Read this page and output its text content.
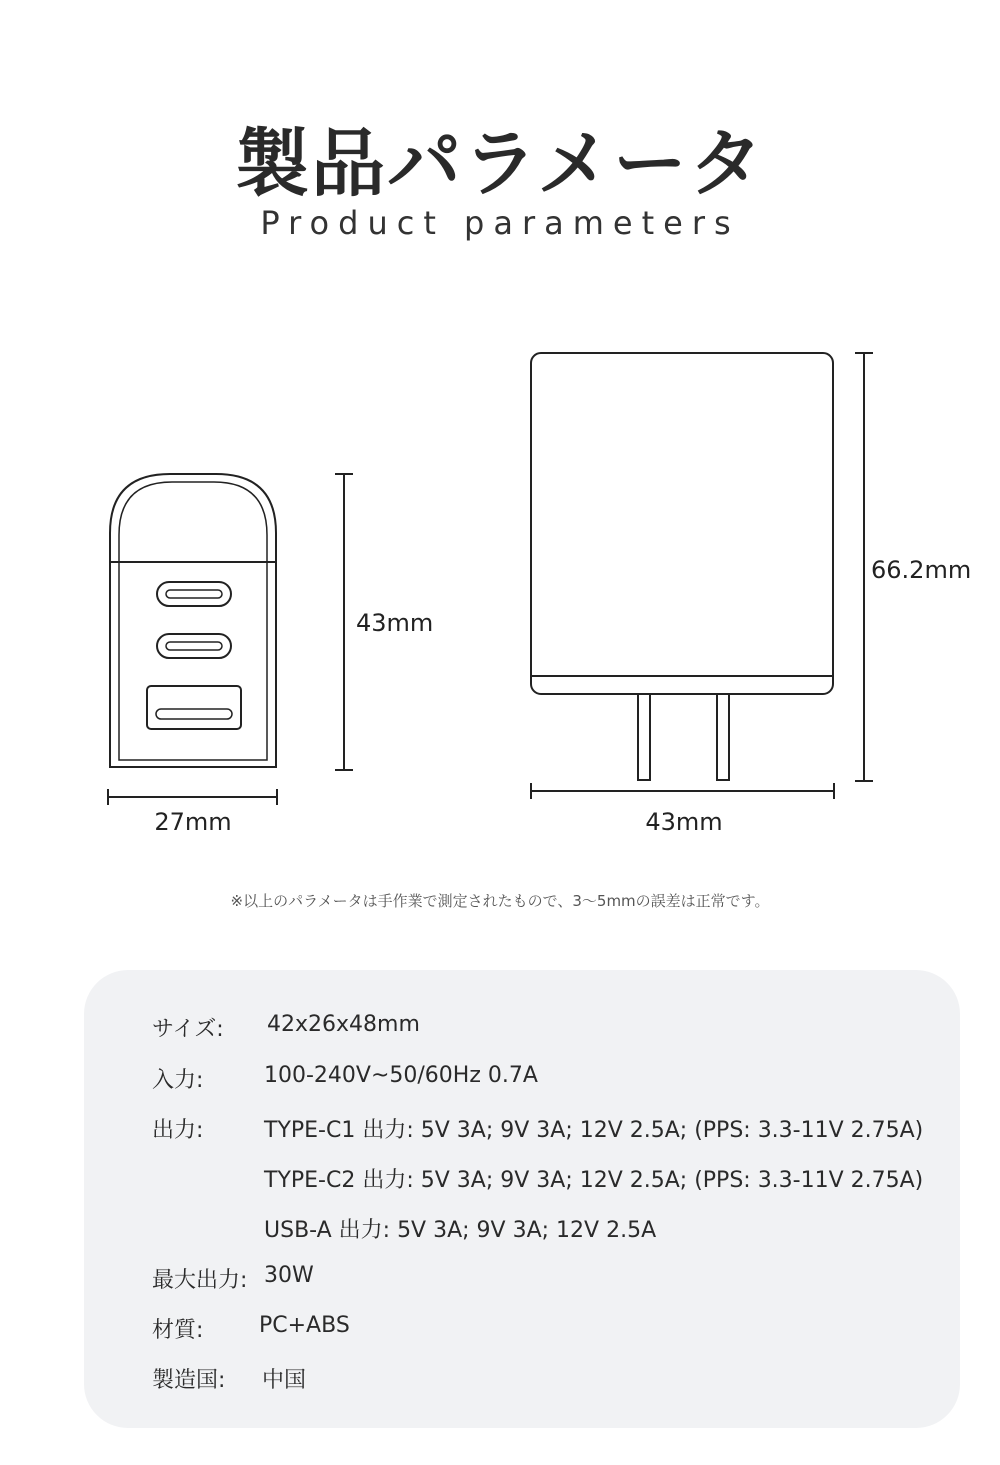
製品パラメータ
Product parameters
43mm
27mm
66.2mm
43mm
※以上のパラメータは手作業で測定されたもので、3〜5mmの誤差は正常です。
サイズ: 42x26x48mm
入力:	100-240V~50/60Hz 0.7A
出力:	TYPE-C1 出力: 5V 3A; 9V 3A; 12V 2.5A; (PPS: 3.3-11V 2.75A)
TYPE-C2 出力: 5V 3A; 9V 3A; 12V 2.5A; (PPS: 3.3-11V 2.75A)
USB-A 出力: 5V 3A; 9V 3A; 12V 2.5A
最大出力: 30W
材質:	PC+ABS
製造国: 中国
